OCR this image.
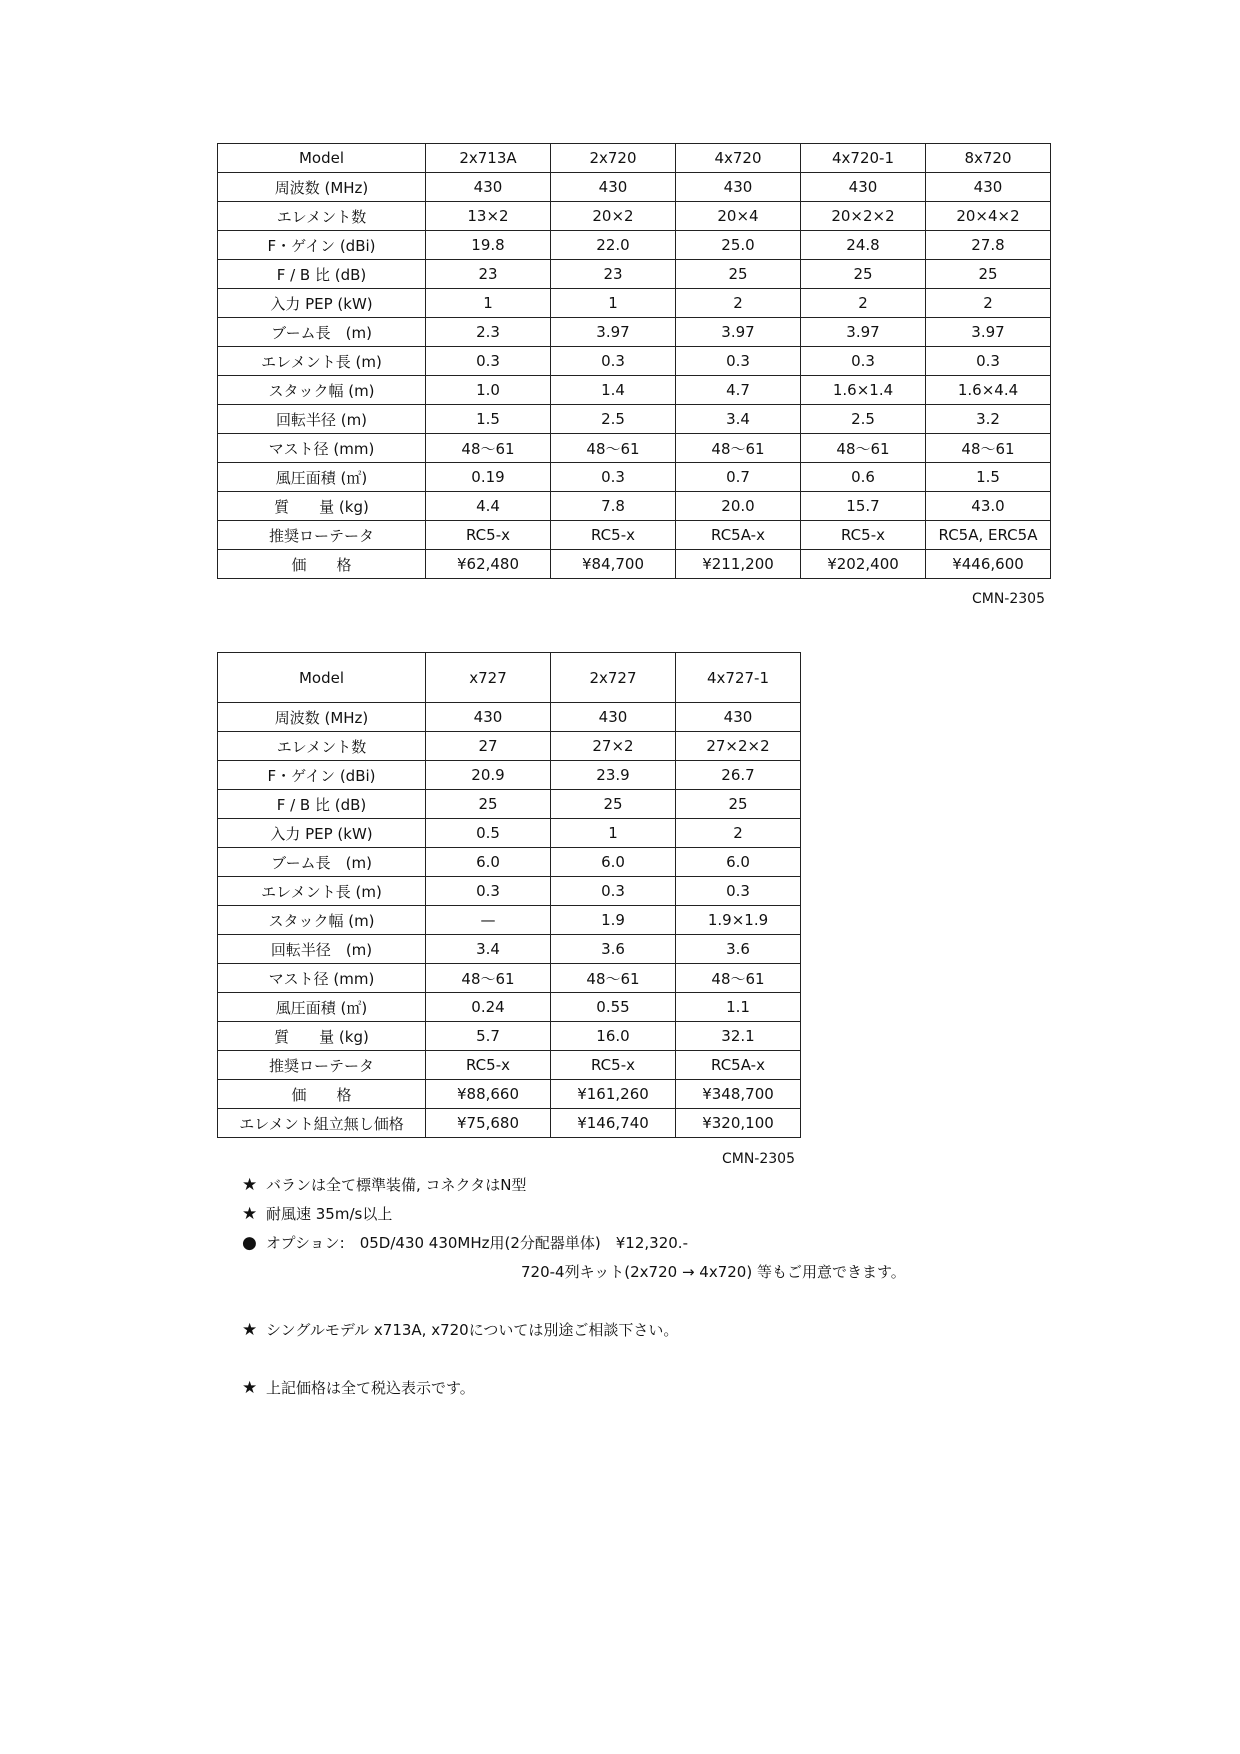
Model	2x713A	2x720	4x720	4x720-1	8x720
周波数 (MHz)	430	430	430	430	430
エレメント数	13×2	20×2	20×4	20×2×2	20×4×2
F・ゲイン (dBi)	19.8	22.0	25.0	24.8	27.8
F / B 比 (dB)	23	23	25	25	25
入力 PEP (kW)	1	1	2	2	2
ブーム長　(m)	2.3	3.97	3.97	3.97	3.97
エレメント長 (m)	0.3	0.3	0.3	0.3	0.3
スタック幅 (m)	1.0	1.4	4.7	1.6×1.4	1.6×4.4
回転半径 (m)	1.5	2.5	3.4	2.5	3.2
マスト径 (mm)	48〜61	48〜61	48〜61	48〜61	48〜61
風圧面積 (㎡)	0.19	0.3	0.7	0.6	1.5
質　　量 (kg)	4.4	7.8	20.0	15.7	43.0
推奨ローテータ	RC5-x	RC5-x	RC5A-x	RC5-x	RC5A, ERC5A
価　　格	¥62,480	¥84,700	¥211,200	¥202,400	¥446,600
CMN-2305
Model	x727	2x727	4x727-1
周波数 (MHz)	430	430	430
エレメント数	27	27×2	27×2×2
F・ゲイン (dBi)	20.9	23.9	26.7
F / B 比 (dB)	25	25	25
入力 PEP (kW)	0.5	1	2
ブーム長　(m)	6.0	6.0	6.0
エレメント長 (m)	0.3	0.3	0.3
スタック幅 (m)	—	1.9	1.9×1.9
回転半径　(m)	3.4	3.6	3.6
マスト径 (mm)	48〜61	48〜61	48〜61
風圧面積 (㎡)	0.24	0.55	1.1
質　　量 (kg)	5.7	16.0	32.1
推奨ローテータ	RC5-x	RC5-x	RC5A-x
価　　格	¥88,660	¥161,260	¥348,700
エレメント組立無し価格	¥75,680	¥146,740	¥320,100
CMN-2305
★ バランは全て標準装備, コネクタはN型
★ 耐風速 35m/s以上
● オプション:　05D/430 430MHz用(2分配器単体)　¥12,320.-
720-4列キット(2x720 → 4x720) 等もご用意できます。
★ シングルモデル x713A, x720については別途ご相談下さい。
★ 上記価格は全て税込表示です。
